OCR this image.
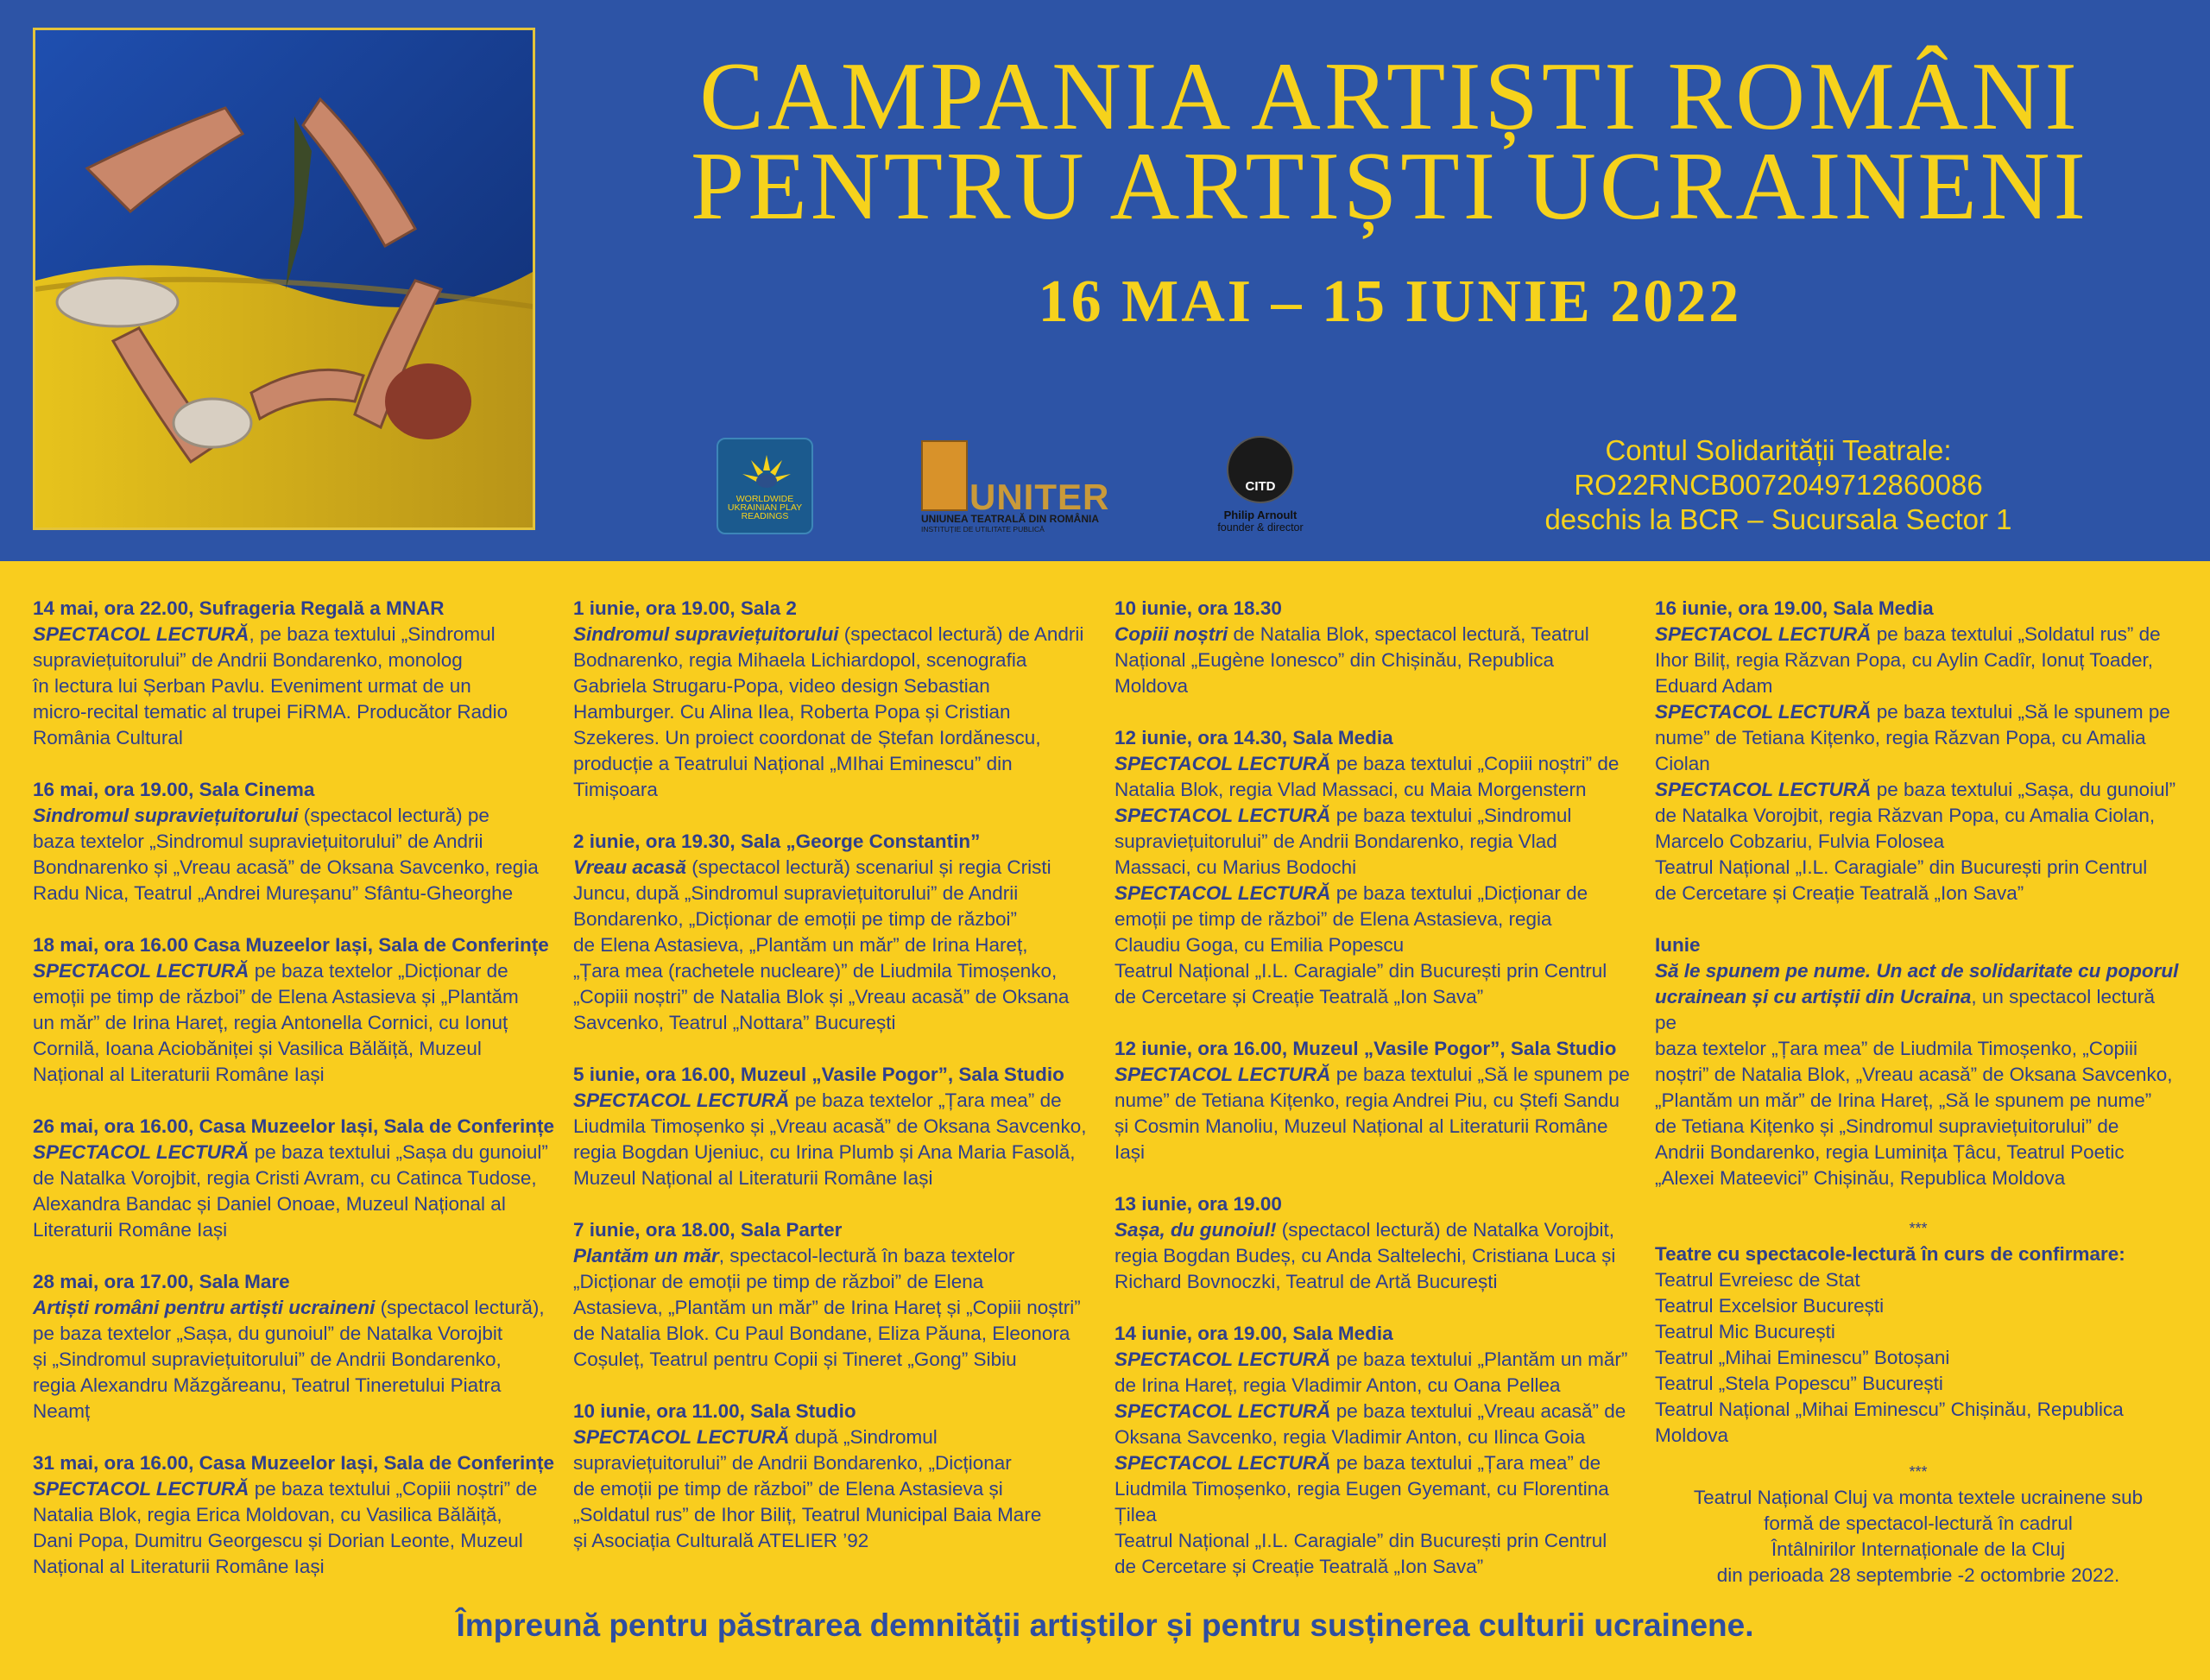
CAMPANIA ARTIȘTI ROMÂNI
PENTRU ARTIȘTI UCRAINENI
16 MAI – 15 IUNIE 2022
WORLDWIDE UKRAINIAN PLAY READINGS	UNITER
UNIUNEA TEATRALĂ DIN ROMÂNIA
INSTITUȚIE DE UTILITATE PUBLICĂ
CITD
Philip Arnoult
founder & director
Contul Solidarității Teatrale:
RO22RNCB0072049712860086
deschis la BCR – Sucursala Sector 1
14 mai, ora 22.00, Sufrageria Regală a MNAR
SPECTACOL LECTURĂ, pe baza textului „Sindromul
supraviețuitorului” de Andrii Bondarenko, monolog
în lectura lui Șerban Pavlu. Eveniment urmat de un
micro-recital tematic al trupei FiRMA. Producător Radio
România Cultural
16 mai, ora 19.00, Sala Cinema
Sindromul supraviețuitorului (spectacol lectură) pe
baza textelor „Sindromul supraviețuitorului” de Andrii
Bondnarenko și „Vreau acasă” de Oksana Savcenko, regia
Radu Nica, Teatrul „Andrei Mureșanu” Sfântu-Gheorghe
18 mai, ora 16.00 Casa Muzeelor Iași, Sala de Conferințe
SPECTACOL LECTURĂ pe baza textelor „Dicționar de
emoții pe timp de război” de Elena Astasieva și „Plantăm
un măr” de Irina Hareț, regia Antonella Cornici, cu Ionuț
Cornilă, Ioana Aciobăniței și Vasilica Bălăiță, Muzeul
Național al Literaturii Române Iași
26 mai, ora 16.00, Casa Muzeelor Iași, Sala de Conferințe
SPECTACOL LECTURĂ pe baza textului „Sașa du gunoiul”
de Natalka Vorojbit, regia Cristi Avram, cu Catinca Tudose,
Alexandra Bandac și Daniel Onoae, Muzeul Național al
Literaturii Române Iași
28 mai, ora 17.00, Sala Mare
Artiști români pentru artiști ucraineni (spectacol lectură),
pe baza textelor „Sașa, du gunoiul” de Natalka Vorojbit
și „Sindromul supraviețuitorului” de Andrii Bondarenko,
regia Alexandru Măzgăreanu, Teatrul Tineretului Piatra
Neamț
31 mai, ora 16.00, Casa Muzeelor Iași, Sala de Conferințe
SPECTACOL LECTURĂ pe baza textului „Copiii noștri” de
Natalia Blok, regia Erica Moldovan, cu Vasilica Bălăiță,
Dani Popa, Dumitru Georgescu și Dorian Leonte, Muzeul
Național al Literaturii Române Iași
1 iunie, ora 19.00, Sala 2
Sindromul supraviețuitorului (spectacol lectură) de Andrii
Bodnarenko, regia Mihaela Lichiardopol, scenografia
Gabriela Strugaru-Popa, video design Sebastian
Hamburger. Cu Alina Ilea, Roberta Popa și Cristian
Szekeres. Un proiect coordonat de Ștefan Iordănescu,
producție a Teatrului Național „MIhai Eminescu” din
Timișoara
2 iunie, ora 19.30, Sala „George Constantin”
Vreau acasă (spectacol lectură) scenariul și regia Cristi
Juncu, după „Sindromul supraviețuitorului” de Andrii
Bondarenko, „Dicționar de emoții pe timp de război”
de Elena Astasieva, „Plantăm un măr” de Irina Hareț,
„Țara mea (rachetele nucleare)” de Liudmila Timoșenko,
„Copiii noștri” de Natalia Blok și „Vreau acasă” de Oksana
Savcenko, Teatrul „Nottara” București
5 iunie, ora 16.00, Muzeul „Vasile Pogor”, Sala Studio
SPECTACOL LECTURĂ pe baza textelor „Țara mea” de
Liudmila Timoșenko și „Vreau acasă” de Oksana Savcenko,
regia Bogdan Ujeniuc, cu Irina Plumb și Ana Maria Fasolă,
Muzeul Național al Literaturii Române Iași
7 iunie, ora 18.00, Sala Parter
Plantăm un măr, spectacol-lectură în baza textelor
„Dicționar de emoții pe timp de război” de Elena
Astasieva, „Plantăm un măr” de Irina Hareț și „Copiii noștri”
de Natalia Blok. Cu Paul Bondane, Eliza Păuna, Eleonora
Coșuleț, Teatrul pentru Copii și Tineret „Gong” Sibiu
10 iunie, ora 11.00, Sala Studio
SPECTACOL LECTURĂ după „Sindromul
supraviețuitorului” de Andrii Bondarenko, „Dicționar
de emoții pe timp de război” de Elena Astasieva și
„Soldatul rus” de Ihor Biliț, Teatrul Municipal Baia Mare
și Asociația Culturală ATELIER ’92
10 iunie, ora 18.30
Copiii noștri de Natalia Blok, spectacol lectură, Teatrul
Național „Eugène Ionesco” din Chișinău, Republica
Moldova
12 iunie, ora 14.30, Sala Media
SPECTACOL LECTURĂ pe baza textului „Copiii noștri” de
Natalia Blok, regia Vlad Massaci, cu Maia Morgenstern
SPECTACOL LECTURĂ pe baza textului „Sindromul
supraviețuitorului” de Andrii Bondarenko, regia Vlad
Massaci, cu Marius Bodochi
SPECTACOL LECTURĂ pe baza textului „Dicționar de
emoții pe timp de război” de Elena Astasieva, regia
Claudiu Goga, cu Emilia Popescu
Teatrul Național „I.L. Caragiale” din București prin Centrul
de Cercetare și Creație Teatrală „Ion Sava”
12 iunie, ora 16.00, Muzeul „Vasile Pogor”, Sala Studio
SPECTACOL LECTURĂ pe baza textului „Să le spunem pe
nume” de Tetiana Kițenko, regia Andrei Piu, cu Ștefi Sandu
și Cosmin Manoliu, Muzeul Național al Literaturii Române
Iași
13 iunie, ora 19.00
Sașa, du gunoiul! (spectacol lectură) de Natalka Vorojbit,
regia Bogdan Budeș, cu Anda Saltelechi, Cristiana Luca și
Richard Bovnoczki, Teatrul de Artă București
14 iunie, ora 19.00, Sala Media
SPECTACOL LECTURĂ pe baza textului „Plantăm un măr”
de Irina Hareț, regia Vladimir Anton, cu Oana Pellea
SPECTACOL LECTURĂ pe baza textului „Vreau acasă” de
Oksana Savcenko, regia Vladimir Anton, cu Ilinca Goia
SPECTACOL LECTURĂ pe baza textului „Țara mea” de
Liudmila Timoșenko, regia Eugen Gyemant, cu Florentina
Țilea
Teatrul Național „I.L. Caragiale” din București prin Centrul
de Cercetare și Creație Teatrală „Ion Sava”
16 iunie, ora 19.00, Sala Media
SPECTACOL LECTURĂ pe baza textului „Soldatul rus” de
Ihor Biliț, regia Răzvan Popa, cu Aylin Cadîr, Ionuț Toader,
Eduard Adam
SPECTACOL LECTURĂ pe baza textului „Să le spunem pe
nume” de Tetiana Kițenko, regia Răzvan Popa, cu Amalia
Ciolan
SPECTACOL LECTURĂ pe baza textului „Sașa, du gunoiul”
de Natalka Vorojbit, regia Răzvan Popa, cu Amalia Ciolan,
Marcelo Cobzariu, Fulvia Folosea
Teatrul Național „I.L. Caragiale” din București prin Centrul
de Cercetare și Creație Teatrală „Ion Sava”
Iunie
Să le spunem pe nume. Un act de solidaritate cu poporul
ucrainean și cu artiștii din Ucraina, un spectacol lectură pe
baza textelor „Țara mea” de Liudmila Timoșenko, „Copiii
noștri” de Natalia Blok, „Vreau acasă” de Oksana Savcenko,
„Plantăm un măr” de Irina Hareț, „Să le spunem pe nume”
de Tetiana Kițenko și „Sindromul supraviețuitorului” de
Andrii Bondarenko, regia Luminița Țâcu, Teatrul Poetic
„Alexei Mateevici” Chișinău, Republica Moldova
***
Teatre cu spectacole-lectură în curs de confirmare:
Teatrul Evreiesc de Stat
Teatrul Excelsior București
Teatrul Mic București
Teatrul „Mihai Eminescu” Botoșani
Teatrul „Stela Popescu” București
Teatrul Național „Mihai Eminescu” Chișinău, Republica
Moldova
***
Teatrul Național Cluj va monta textele ucrainene sub
formă de spectacol-lectură în cadrul
Întâlnirilor Internaționale de la Cluj
din perioada 28 septembrie -2 octombrie 2022.
Împreună pentru păstrarea demnității artiștilor și pentru susținerea culturii ucrainene.
